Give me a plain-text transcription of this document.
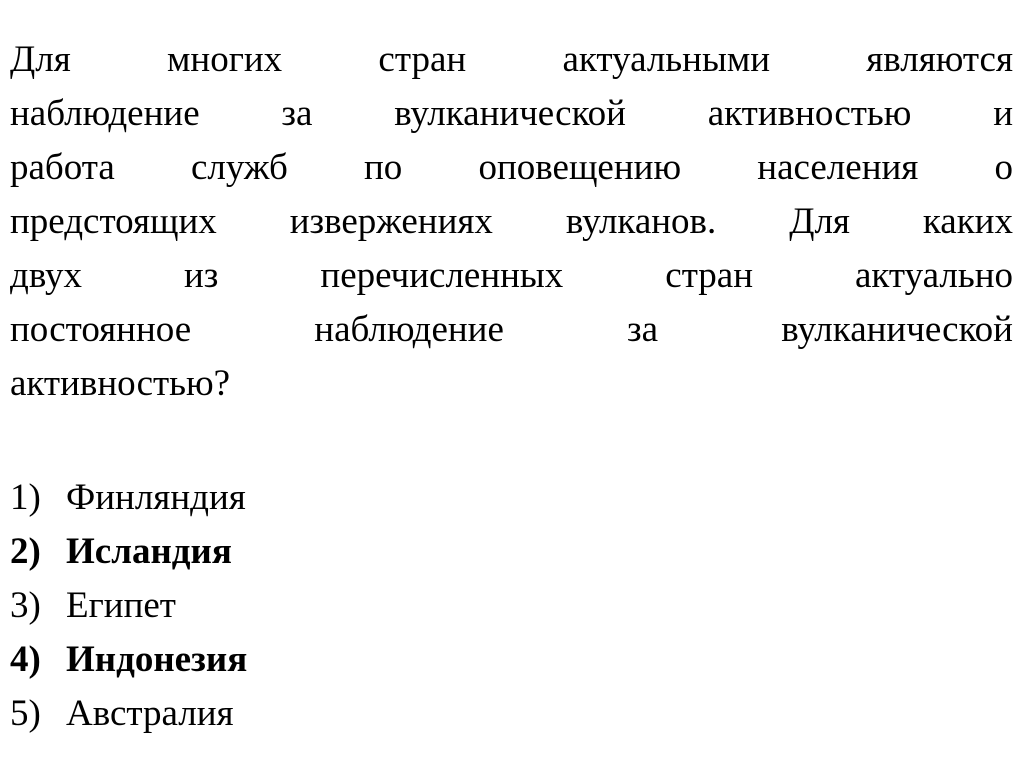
Для многих стран актуальными являются
наблюдение за вулканической активностью и
работа служб по оповещению населения о
предстоящих извержениях вулканов. Для каких
двух из перечисленных стран актуально
постоянное наблюдение за вулканической
активностью?
1) Финляндия
2) Исландия
3) Египет
4) Индонезия
5) Австралия
